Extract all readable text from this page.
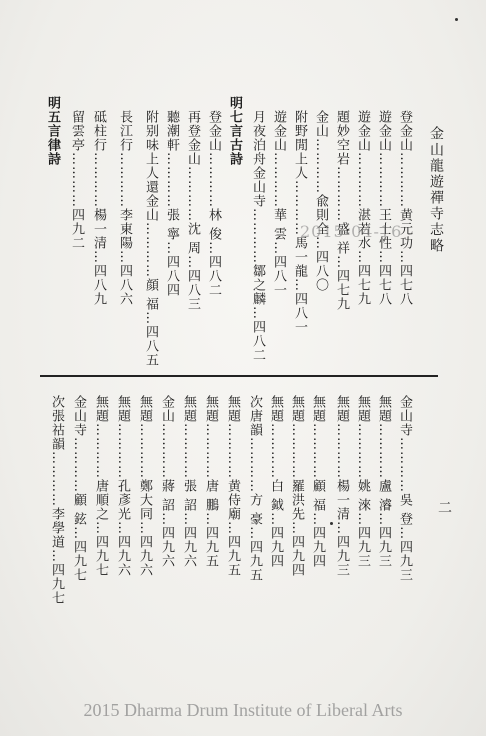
金山龍遊禪寺志略
登金山…………黄元功…四七八
遊金山…………王士性…四七八
遊金山…………湛若水…四七九
題妙空岩…………盛 祥…四七九
金山…………兪則全…四八〇
附野閒上人…………馬一龍…四八一
遊金山…………華 雲…四八一
月夜泊舟金山寺…………鄒之麟…四八二
明七言古詩
登金山…………林 俊…四八二
再登金山…………沈 周…四八三
聽潮軒…………張 寧…四八四
附别味上人還金山…………顔 福…四八五
長江行…………李東陽…四八六
砥柱行…………楊一清…四八九
留雲亭…………四九二
明五言律詩
2015-04-16
金山寺…………吳 登…四九三
無題…………盧 濬…四九三
無題…………姚 淶…四九三
無題…………楊一清…四九三
無題…………顧 福…四九四
無題…………羅洪先…四九四
無題…………白 鉞…四九四
次唐韻…………方 豪…四九五
無題…………黄侍廟…四九五
無題…………唐 鵬…四九五
無題…………張 詔…四九六
金山…………蔣 詔…四九六
無題…………鄭大同…四九六
無題…………孔彥光…四九六
無題…………唐順之…四九七
金山寺…………顧 鉉…四九七
次張祜韻…………李學道…四九七	二
2015 Dharma Drum Institute of Liberal Arts
